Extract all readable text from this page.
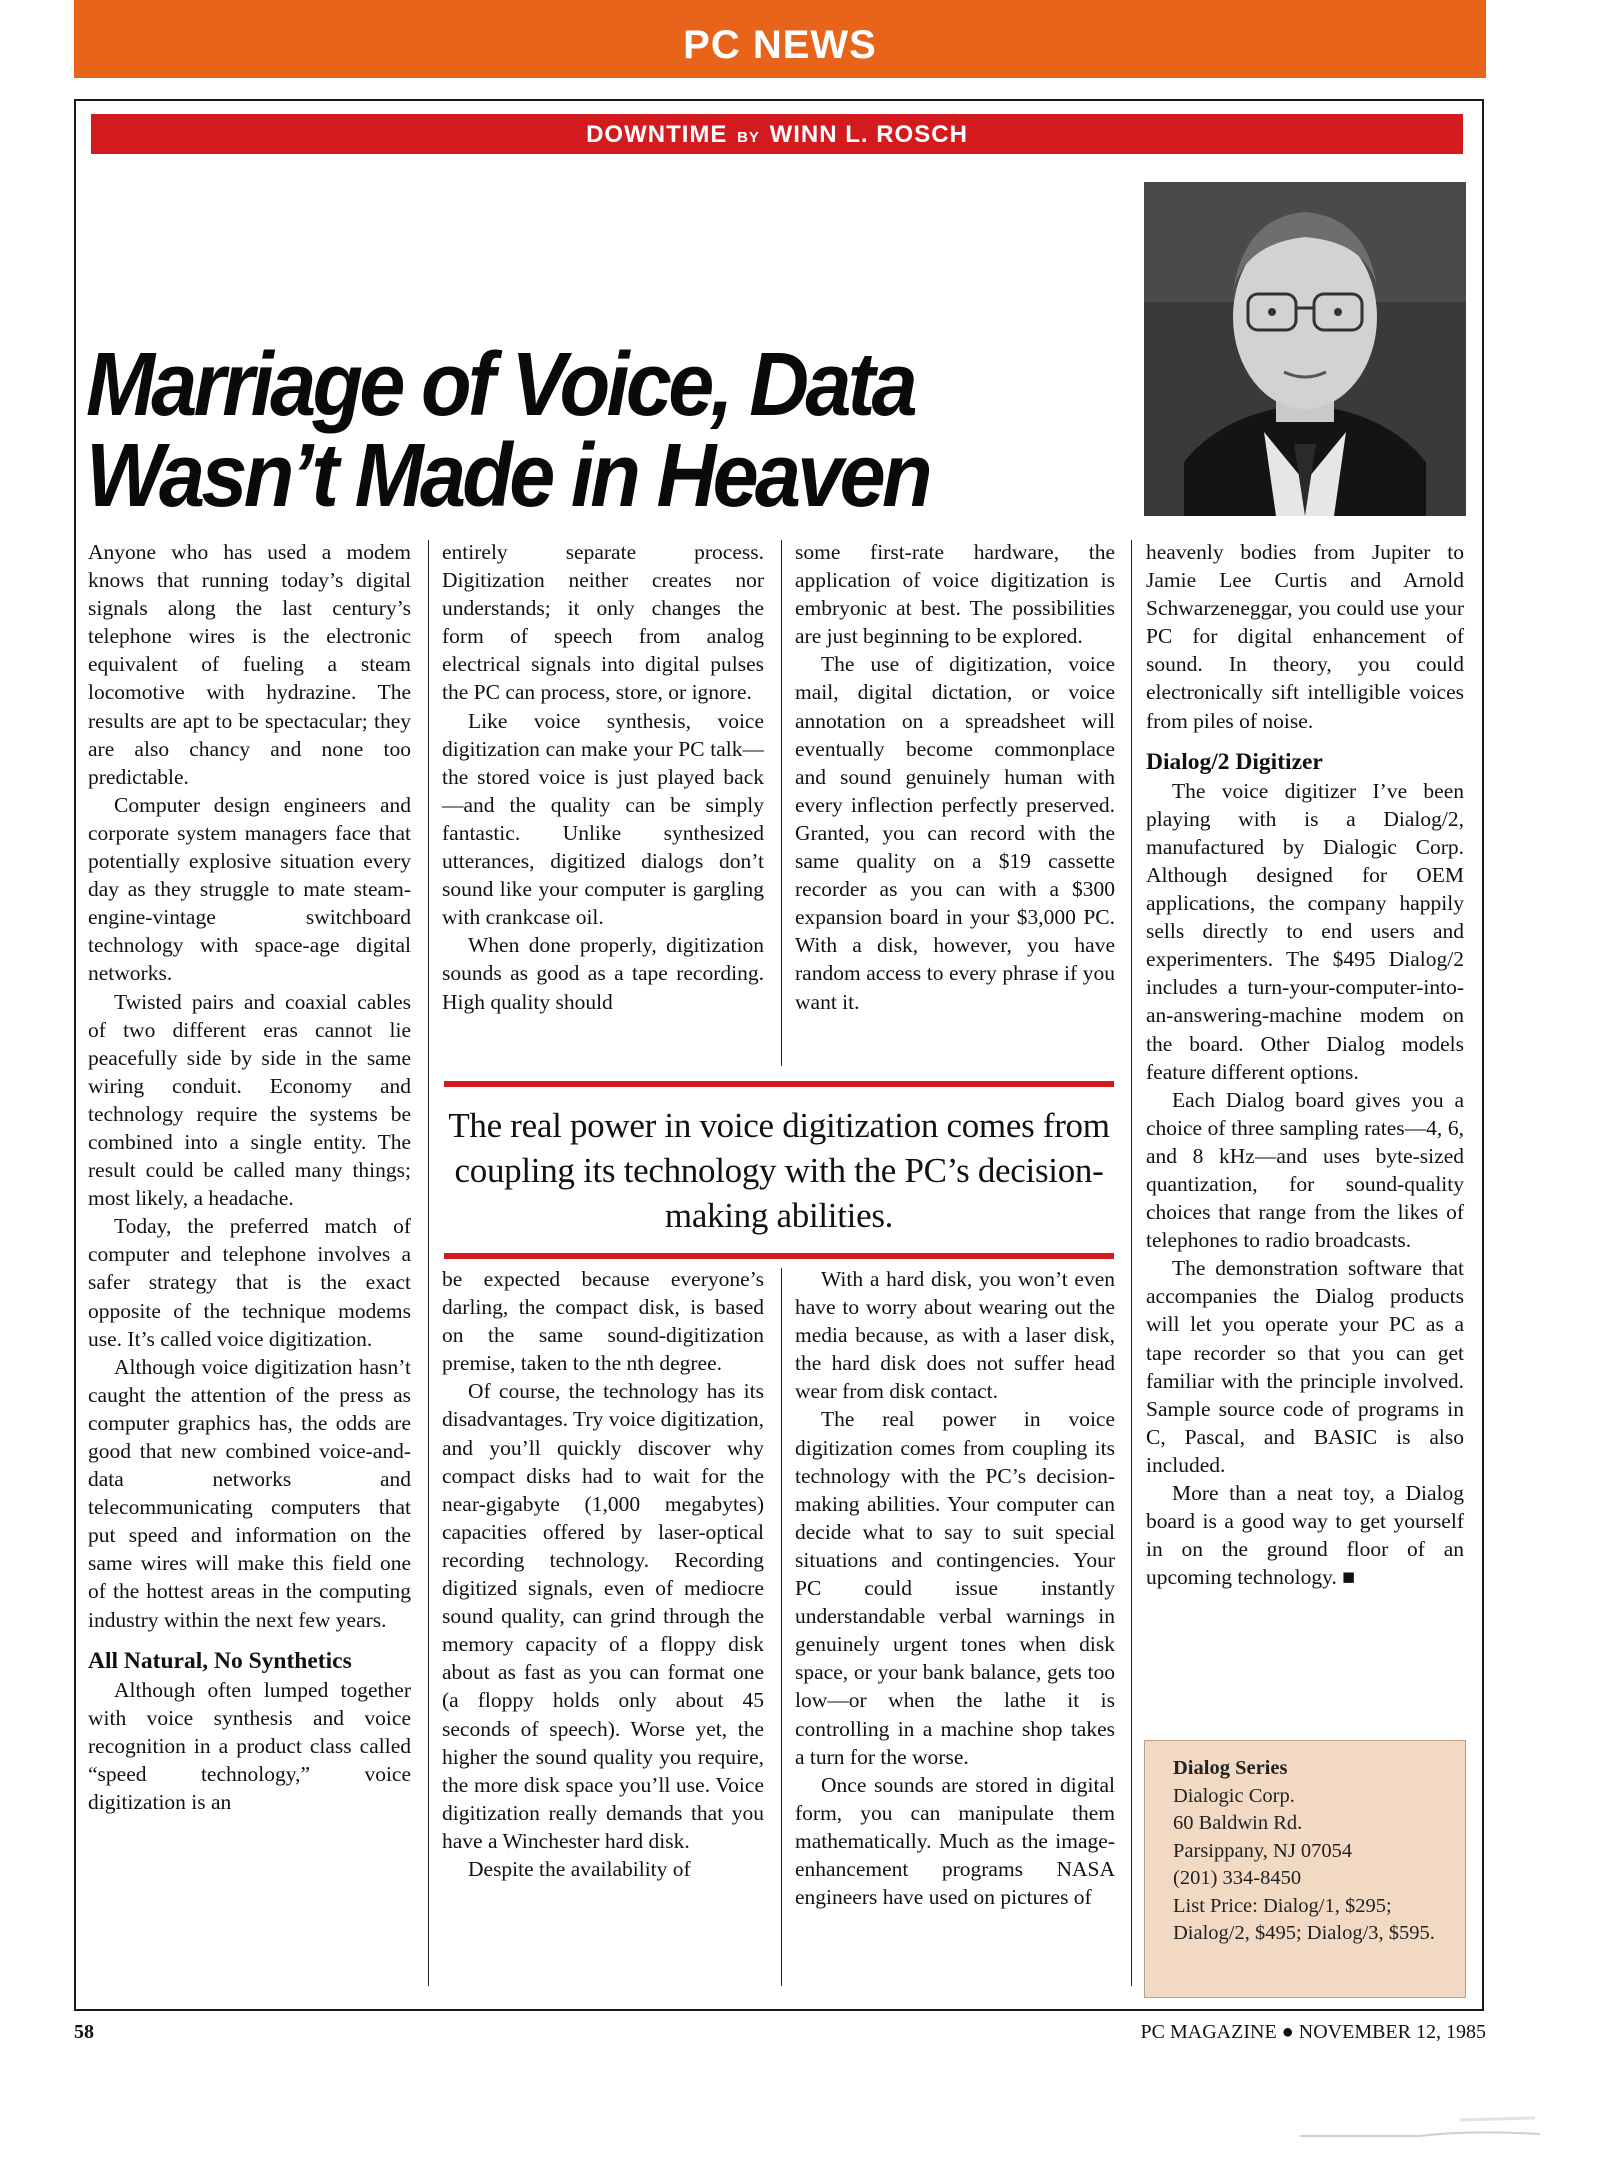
PC NEWS
DOWNTIME BY WINN L. ROSCH
Marriage of Voice, Data
Wasn’t Made in Heaven

Anyone who has used a modem knows that running today’s digital signals along the last century’s telephone wires is the electronic equivalent of fueling a steam locomotive with hydrazine. The results are apt to be spectacular; they are also chancy and none too predictable.

Computer design engineers and corporate system managers face that potentially explosive situation every day as they struggle to mate steam-engine-vintage switchboard technology with space-age digital networks.

Twisted pairs and coaxial cables of two different eras cannot lie peacefully side by side in the same wiring conduit. Economy and technology require the systems be combined into a single entity. The result could be called many things; most likely, a headache.

Today, the preferred match of computer and telephone involves a safer strategy that is the exact opposite of the technique modems use. It’s called voice digitization.

Although voice digitization hasn’t caught the attention of the press as computer graphics has, the odds are good that new combined voice-and-data networks and telecommunicating computers that put speed and information on the same wires will make this field one of the hottest areas in the computing industry within the next few years.

All Natural, No Synthetics

Although often lumped together with voice synthesis and voice recognition in a product class called “speed technology,” voice digitization is an

entirely separate process. Digitization neither creates nor understands; it only changes the form of speech from analog electrical signals into digital pulses the PC can process, store, or ignore.

Like voice synthesis, voice digitization can make your PC talk—the stored voice is just played back—and the quality can be simply fantastic. Unlike synthesized utterances, digitized dialogs don’t sound like your computer is gargling with crankcase oil.

When done properly, digitization sounds as good as a tape recording. High quality should

some first-rate hardware, the application of voice digitization is embryonic at best. The possibilities are just beginning to be explored.

The use of digitization, voice mail, digital dictation, or voice annotation on a spreadsheet will eventually become commonplace and sound genuinely human with every inflection perfectly preserved. Granted, you can record with the same quality on a $19 cassette recorder as you can with a $300 expansion board in your $3,000 PC. With a disk, however, you have random access to every phrase if you want it.

The real power in voice digitization comes from coupling its technology with the PC’s decision-making abilities.

be expected because everyone’s darling, the compact disk, is based on the same sound-digitization premise, taken to the nth degree.

Of course, the technology has its disadvantages. Try voice digitization, and you’ll quickly discover why compact disks had to wait for the near-gigabyte (1,000 megabytes) capacities offered by laser-optical recording technology. Recording digitized signals, even of mediocre sound quality, can grind through the memory capacity of a floppy disk about as fast as you can format one (a floppy holds only about 45 seconds of speech). Worse yet, the higher the sound quality you require, the more disk space you’ll use. Voice digitization really demands that you have a Winchester hard disk.

Despite the availability of

With a hard disk, you won’t even have to worry about wearing out the media because, as with a laser disk, the hard disk does not suffer head wear from disk contact.

The real power in voice digitization comes from coupling its technology with the PC’s decision-making abilities. Your computer can decide what to say to suit special situations and contingencies. Your PC could issue instantly understandable verbal warnings in genuinely urgent tones when disk space, or your bank balance, gets too low—or when the lathe it is controlling in a machine shop takes a turn for the worse.

Once sounds are stored in digital form, you can manipulate them mathematically. Much as the image-enhancement programs NASA engineers have used on pictures of

heavenly bodies from Jupiter to Jamie Lee Curtis and Arnold Schwarzeneggar, you could use your PC for digital enhancement of sound. In theory, you could electronically sift intelligible voices from piles of noise.

Dialog/2 Digitizer

The voice digitizer I’ve been playing with is a Dialog/2, manufactured by Dialogic Corp. Although designed for OEM applications, the company happily sells directly to end users and experimenters. The $495 Dialog/2 includes a turn-your-computer-into-an-answering-machine modem on the board. Other Dialog models feature different options.

Each Dialog board gives you a choice of three sampling rates—4, 6, and 8 kHz—and uses byte-sized quantization, for sound-quality choices that range from the likes of telephones to radio broadcasts.

The demonstration software that accompanies the Dialog products will let you operate your PC as a tape recorder so that you can get familiar with the principle involved. Sample source code of programs in C, Pascal, and BASIC is also included.

More than a neat toy, a Dialog board is a good way to get yourself in on the ground floor of an upcoming technology. ■

Dialog Series
Dialogic Corp.
60 Baldwin Rd.
Parsippany, NJ 07054
(201) 334-8450
List Price: Dialog/1, $295; Dialog/2, $495; Dialog/3, $595.
58	PC MAGAZINE ● NOVEMBER 12, 1985
